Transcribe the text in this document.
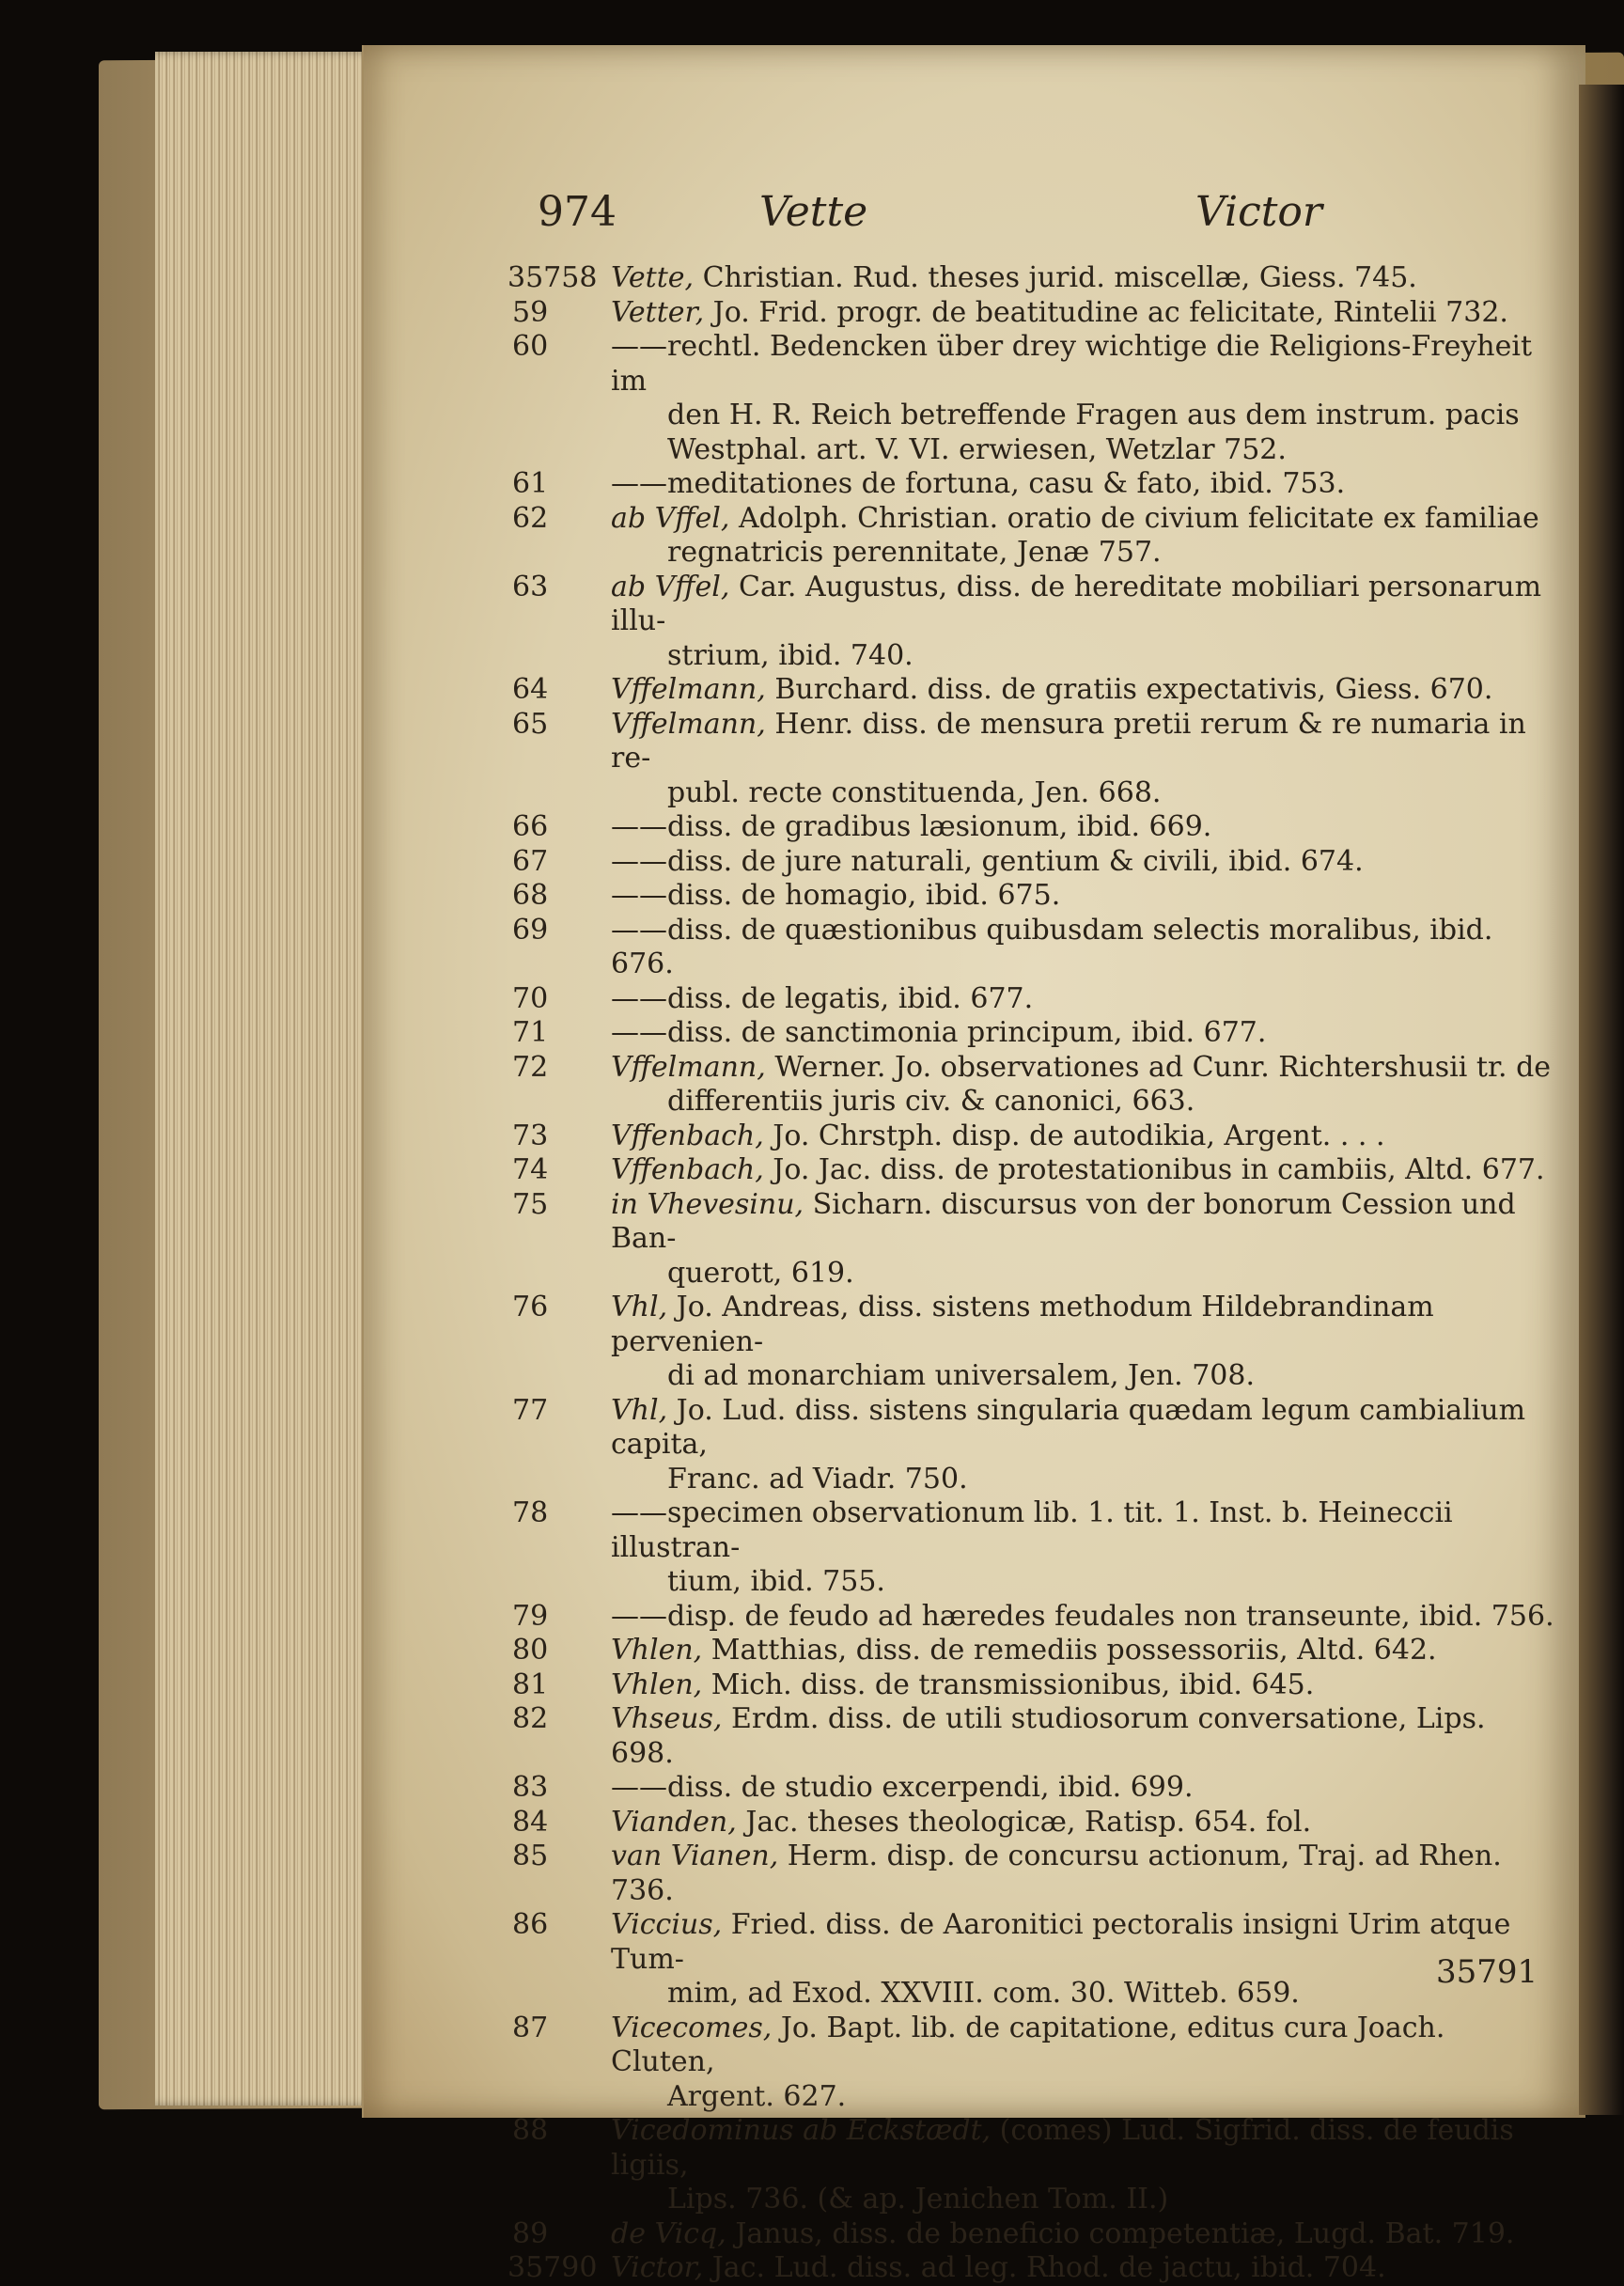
974	Vette	Victor
35758 Vette, Christian. Rud. theses jurid. miscellæ, Giess. 745.
59	Vetter, Jo. Frid. progr. de beatitudine ac felicitate, Rintelii 732.
60	——rechtl. Bedencken über drey wichtige die Religions-Freyheit im
den H. R. Reich betreffende Fragen aus dem instrum. pacis
Westphal. art. V. VI. erwiesen, Wetzlar 752.
61	——meditationes de fortuna, casu & fato, ibid. 753.
62	ab Vffel, Adolph. Christian. oratio de civium felicitate ex familiae
regnatricis perennitate, Jenæ 757.
63	ab Vffel, Car. Augustus, diss. de hereditate mobiliari personarum illu-
strium, ibid. 740.
64	Vffelmann, Burchard. diss. de gratiis expectativis, Giess. 670.
65	Vffelmann, Henr. diss. de mensura pretii rerum & re numaria in re-
publ. recte constituenda, Jen. 668.
66	——diss. de gradibus læsionum, ibid. 669.
67	——diss. de jure naturali, gentium & civili, ibid. 674.
68	——diss. de homagio, ibid. 675.
69	——diss. de quæstionibus quibusdam selectis moralibus, ibid. 676.
70	——diss. de legatis, ibid. 677.
71	——diss. de sanctimonia principum, ibid. 677.
72	Vffelmann, Werner. Jo. observationes ad Cunr. Richtershusii tr. de
differentiis juris civ. & canonici, 663.
73	Vffenbach, Jo. Chrstph. disp. de autodikia, Argent. . . .
74	Vffenbach, Jo. Jac. diss. de protestationibus in cambiis, Altd. 677.
75	in Vhevesinu, Sicharn. discursus von der bonorum Cession und Ban-
querott, 619.
76	Vhl, Jo. Andreas, diss. sistens methodum Hildebrandinam pervenien-
di ad monarchiam universalem, Jen. 708.
77	Vhl, Jo. Lud. diss. sistens singularia quædam legum cambialium capita,
Franc. ad Viadr. 750.
78	——specimen observationum lib. 1. tit. 1. Inst. b. Heineccii illustran-
tium, ibid. 755.
79	——disp. de feudo ad hæredes feudales non transeunte, ibid. 756.
80	Vhlen, Matthias, diss. de remediis possessoriis, Altd. 642.
81	Vhlen, Mich. diss. de transmissionibus, ibid. 645.
82	Vhseus, Erdm. diss. de utili studiosorum conversatione, Lips. 698.
83	——diss. de studio excerpendi, ibid. 699.
84	Vianden, Jac. theses theologicæ, Ratisp. 654. fol.
85	van Vianen, Herm. disp. de concursu actionum, Traj. ad Rhen. 736.
86	Viccius, Fried. diss. de Aaronitici pectoralis insigni Urim atque Tum-
mim, ad Exod. XXVIII. com. 30. Witteb. 659.
87	Vicecomes, Jo. Bapt. lib. de capitatione, editus cura Joach. Cluten,
Argent. 627.
88	Vicedominus ab Eckstædt, (comes) Lud. Sigfrid. diss. de feudis ligiis,
Lips. 736. (& ap. Jenichen Tom. II.)
89	de Vicq, Janus, diss. de beneficio competentiæ, Lugd. Bat. 719.
35790 Victor, Jac. Lud. diss. ad leg. Rhod. de jactu, ibid. 704.
35791
